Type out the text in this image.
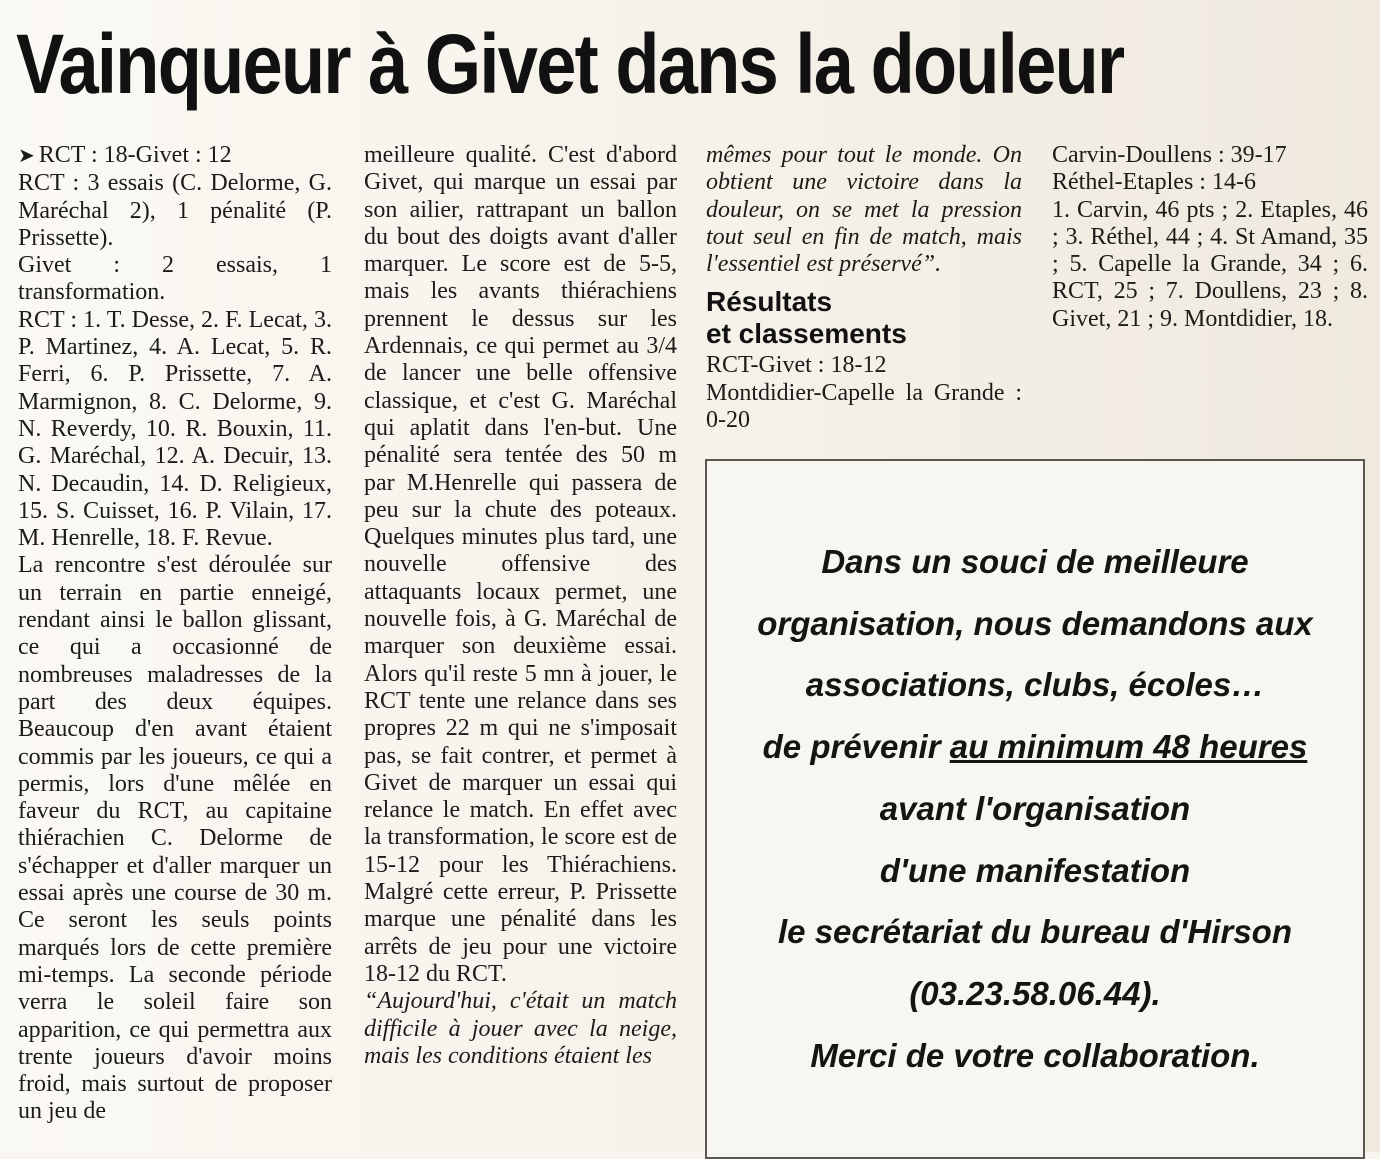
Vainqueur à Givet dans la douleur

➤ RCT : 18-Givet : 12

RCT : 3 essais (C. Delorme, G. Maréchal 2), 1 pénalité (P. Prissette).

Givet : 2 essais, 1 transformation.

RCT : 1. T. Desse, 2. F. Lecat, 3. P. Martinez, 4. A. Lecat, 5. R. Ferri, 6. P. Prissette, 7. A. Marmignon, 8. C. Delorme, 9. N. Reverdy, 10. R. Bouxin, 11. G. Maréchal, 12. A. Decuir, 13. N. Decaudin, 14. D. Religieux, 15. S. Cuisset, 16. P. Vilain, 17. M. Henrelle, 18. F. Revue.

La rencontre s'est déroulée sur un terrain en partie enneigé, rendant ainsi le ballon glissant, ce qui a occasionné de nombreuses maladresses de la part des deux équipes. Beaucoup d'en avant étaient commis par les joueurs, ce qui a permis, lors d'une mêlée en faveur du RCT, au capitaine thiérachien C. Delorme de s'échapper et d'aller marquer un essai après une course de 30 m. Ce seront les seuls points marqués lors de cette première mi-temps. La seconde période verra le soleil faire son apparition, ce qui permettra aux trente joueurs d'avoir moins froid, mais surtout de proposer un jeu de

meilleure qualité. C'est d'abord Givet, qui marque un essai par son ailier, rattrapant un ballon du bout des doigts avant d'aller marquer. Le score est de 5-5, mais les avants thiérachiens prennent le dessus sur les Ardennais, ce qui permet au 3/4 de lancer une belle offensive classique, et c'est G. Maréchal qui aplatit dans l'en-but. Une pénalité sera tentée des 50 m par M.Henrelle qui passera de peu sur la chute des poteaux. Quelques minutes plus tard, une nouvelle offensive des attaquants locaux permet, une nouvelle fois, à G. Maréchal de marquer son deuxième essai. Alors qu'il reste 5 mn à jouer, le RCT tente une relance dans ses propres 22 m qui ne s'imposait pas, se fait contrer, et permet à Givet de marquer un essai qui relance le match. En effet avec la transformation, le score est de 15-12 pour les Thiérachiens. Malgré cette erreur, P. Prissette marque une pénalité dans les arrêts de jeu pour une victoire 18-12 du RCT.

“Aujourd'hui, c'était un match difficile à jouer avec la neige, mais les conditions étaient les

mêmes pour tout le monde. On obtient une victoire dans la douleur, on se met la pression tout seul en fin de match, mais l'essentiel est préservé”.

Résultats
et classements

RCT-Givet : 18-12

Montdidier-Capelle la Grande : 0-20

Carvin-Doullens : 39-17

Réthel-Etaples : 14-6

1. Carvin, 46 pts ; 2. Etaples, 46 ; 3. Réthel, 44 ; 4. St Amand, 35 ; 5. Capelle la Grande, 34 ; 6. RCT, 25 ; 7. Doullens, 23 ; 8. Givet, 21 ; 9. Montdidier, 18.

Dans un souci de meilleure
organisation, nous demandons aux
associations, clubs, écoles…
de prévenir au minimum 48 heures
avant l'organisation
d'une manifestation
le secrétariat du bureau d'Hirson
(03.23.58.06.44).
Merci de votre collaboration.
